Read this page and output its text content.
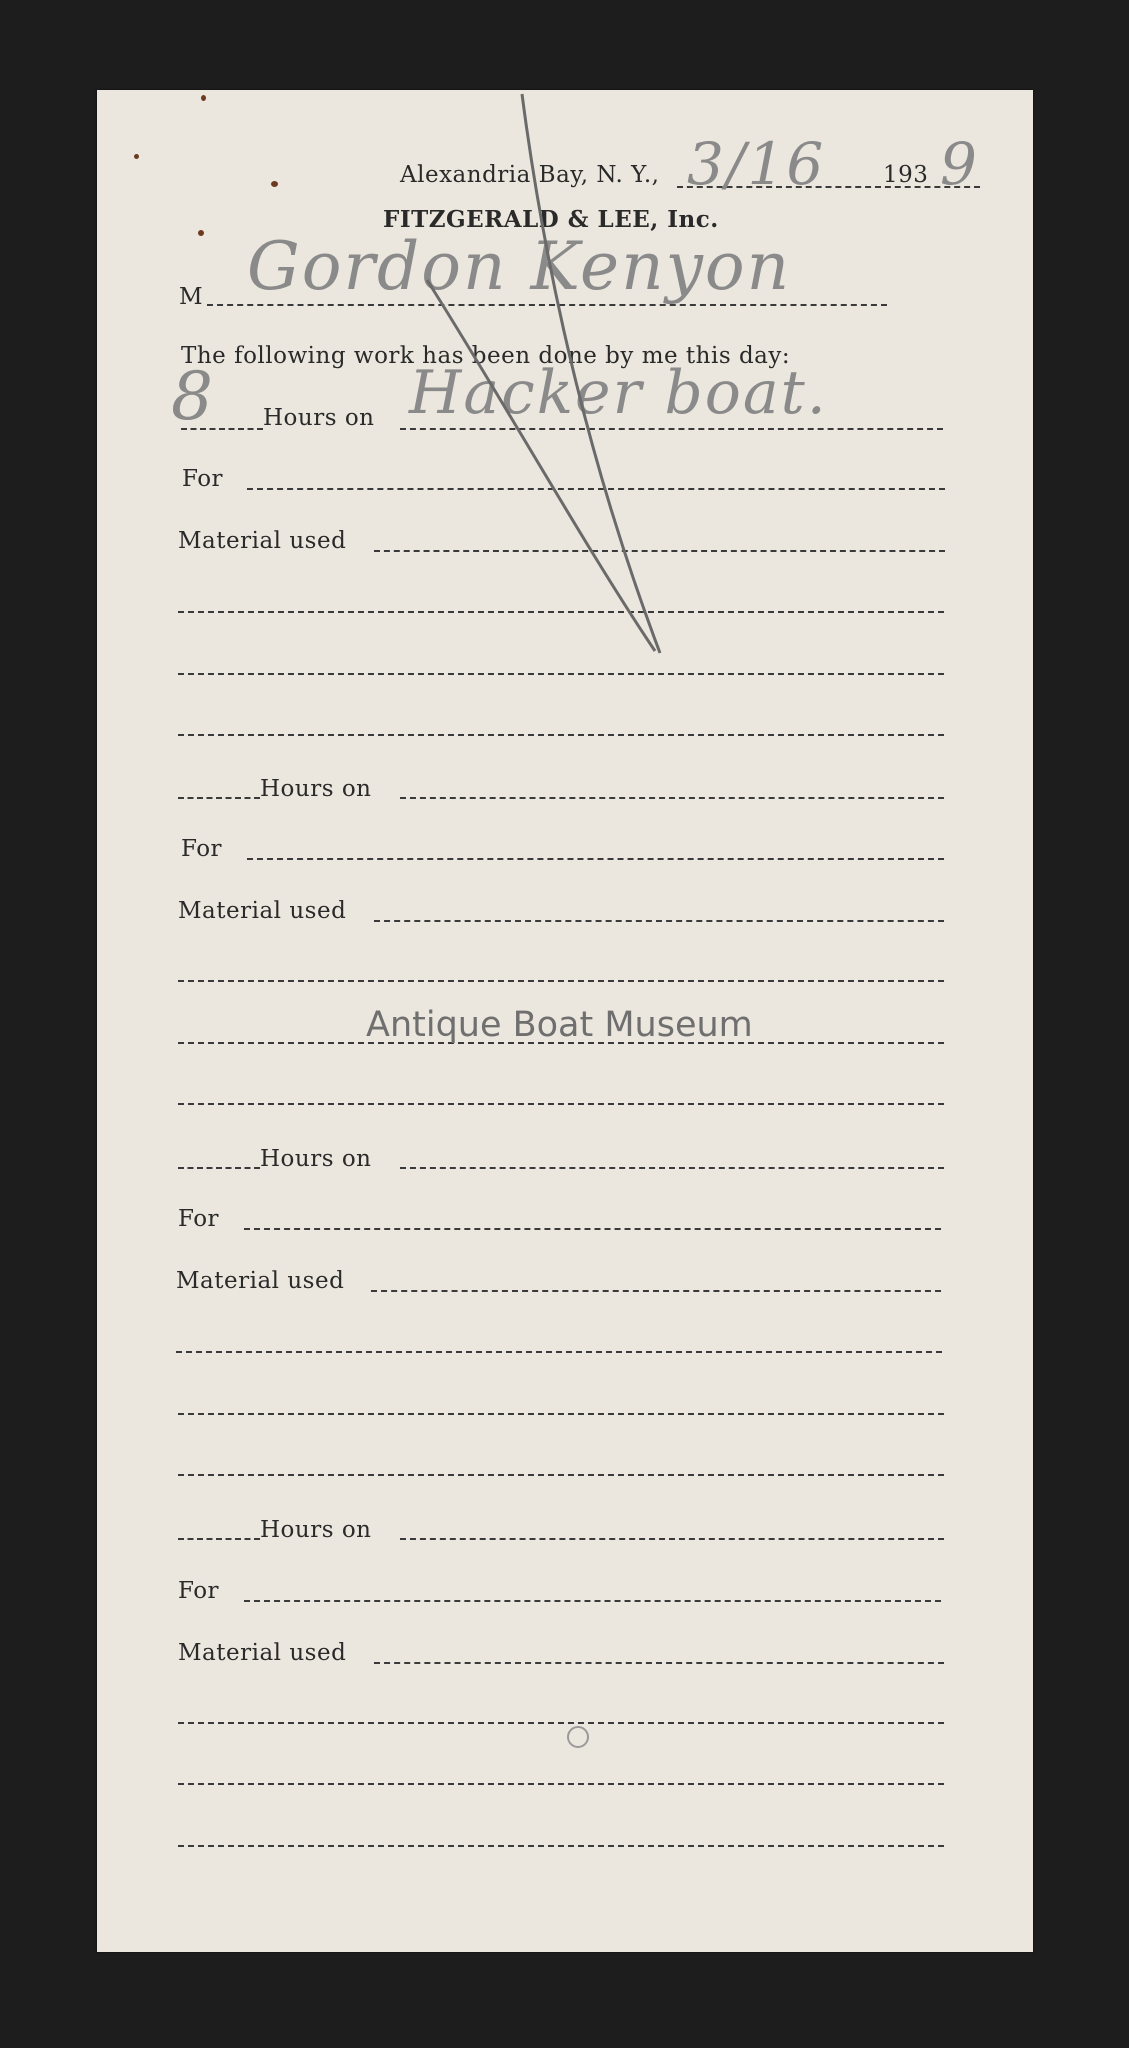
Alexandria Bay, N. Y.,	193
3/16 9
FITZGERALD & LEE, Inc.
M Gordon Kenyon
The following work has been done by me this day:
8 Hours on Hacker boat.
For
Material used
Hours on
For
Material used
Hours on
For
Material used
Hours on
For
Material used
Antique Boat Museum
